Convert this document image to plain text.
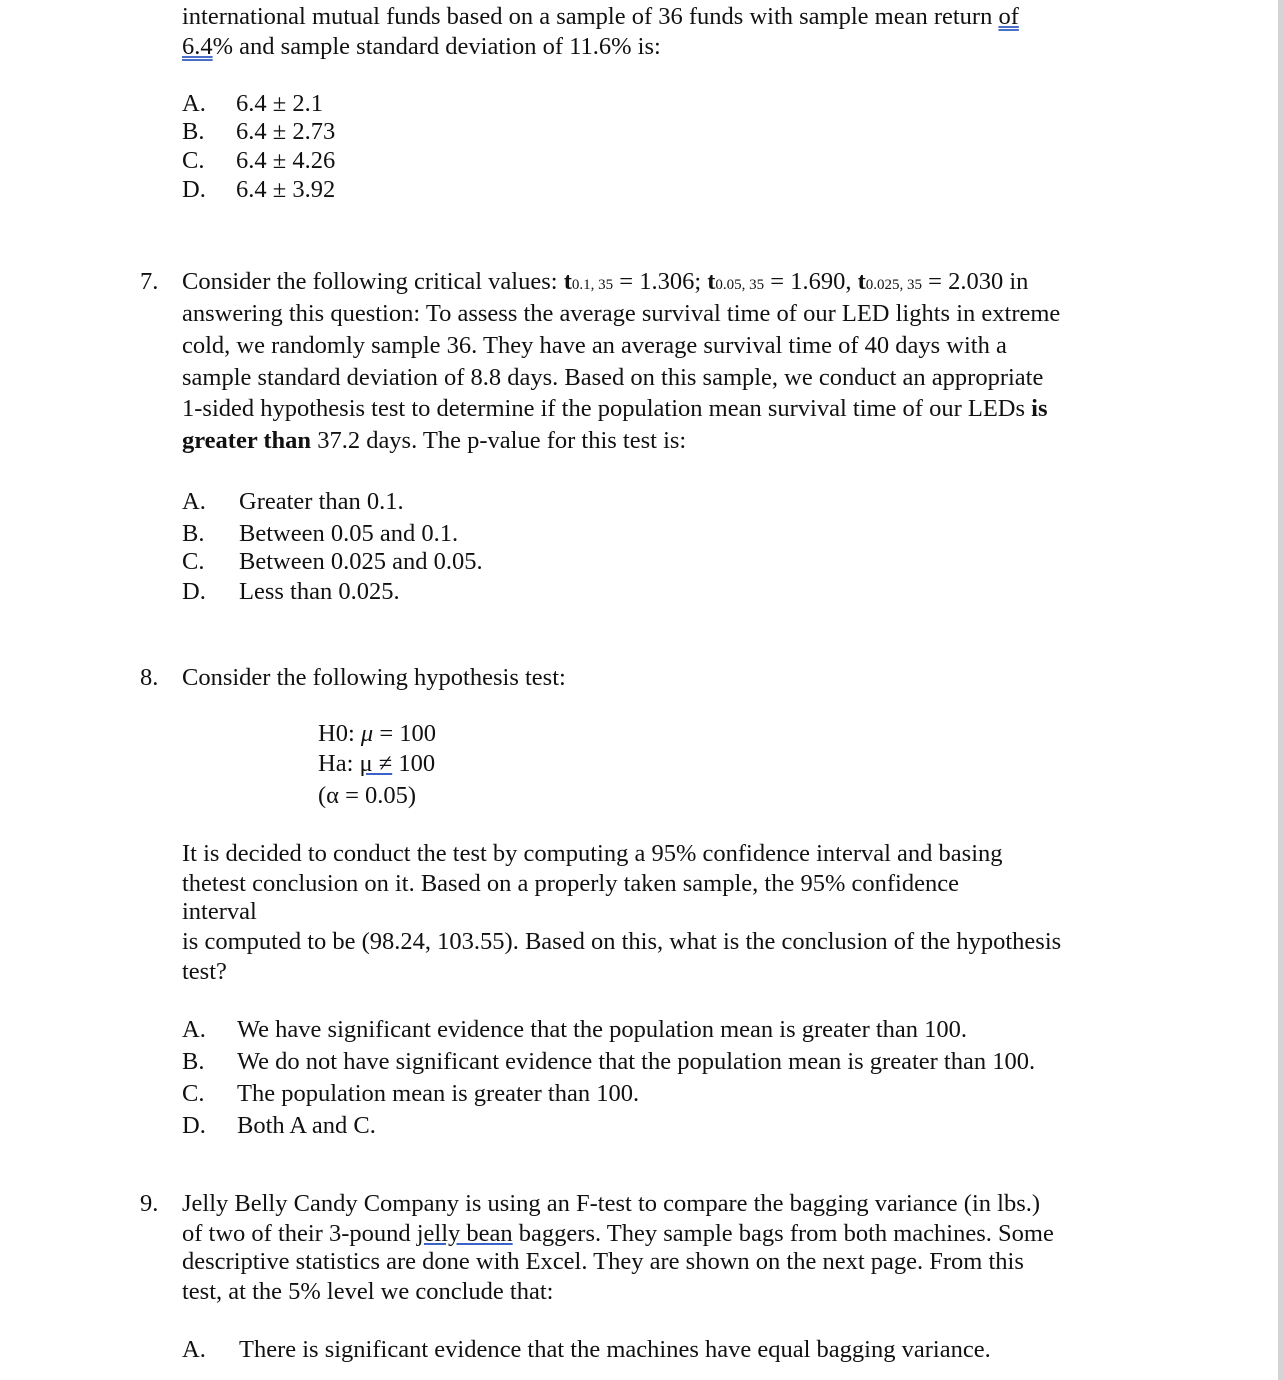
international mutual funds based on a sample of 36 funds with sample mean return of
6.4% and sample standard deviation of 11.6% is:
A. 6.4 ± 2.1
B. 6.4 ± 2.73
C. 6.4 ± 4.26
D. 6.4 ± 3.92
7. Consider the following critical values: t0.1, 35 = 1.306; t0.05, 35 = 1.690, t0.025, 35 = 2.030 in
answering this question: To assess the average survival time of our LED lights in extreme
cold, we randomly sample 36. They have an average survival time of 40 days with a
sample standard deviation of 8.8 days. Based on this sample, we conduct an appropriate
1-sided hypothesis test to determine if the population mean survival time of our LEDs is
greater than 37.2 days. The p-value for this test is:
A. Greater than 0.1.
B. Between 0.05 and 0.1.
C. Between 0.025 and 0.05.
D. Less than 0.025.
8. Consider the following hypothesis test:
H0: μ = 100
Ha: μ ≠ 100
(α = 0.05)
It is decided to conduct the test by computing a 95% confidence interval and basing
thetest conclusion on it. Based on a properly taken sample, the 95% confidence
interval
is computed to be (98.24, 103.55). Based on this, what is the conclusion of the hypothesis
test?
A. We have significant evidence that the population mean is greater than 100.
B. We do not have significant evidence that the population mean is greater than 100.
C. The population mean is greater than 100.
D. Both A and C.
9. Jelly Belly Candy Company is using an F-test to compare the bagging variance (in lbs.)
of two of their 3-pound jelly bean baggers. They sample bags from both machines. Some
descriptive statistics are done with Excel. They are shown on the next page. From this
test, at the 5% level we conclude that:
A. There is significant evidence that the machines have equal bagging variance.
